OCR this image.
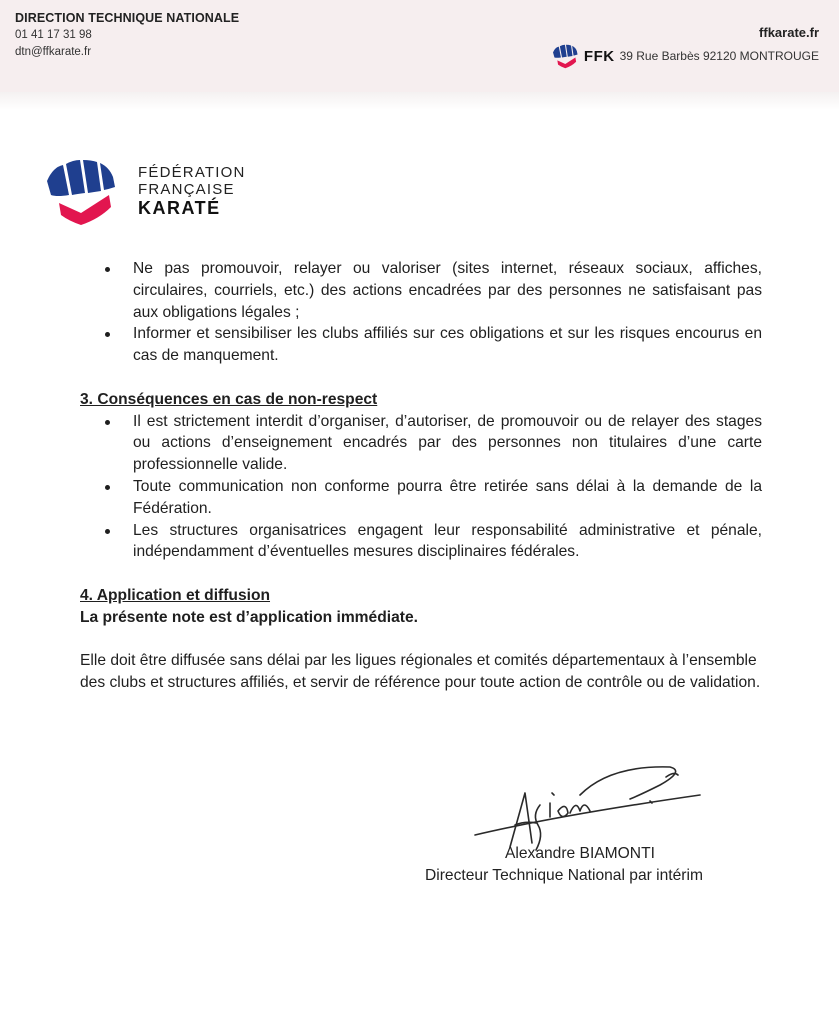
DIRECTION TECHNIQUE NATIONALE
01 41 17 31 98
dtn@ffkarate.fr
ffkarate.fr
FFK 39 Rue Barbès 92120 MONTROUGE
FÉDÉRATION
FRANÇAISE
KARATÉ
Ne pas promouvoir, relayer ou valoriser (sites internet, réseaux sociaux, affiches, circulaires, courriels, etc.) des actions encadrées par des personnes ne satisfaisant pas aux obligations légales ;
Informer et sensibiliser les clubs affiliés sur ces obligations et sur les risques encourus en cas de manquement.
3. Conséquences en cas de non-respect
Il est strictement interdit d’organiser, d’autoriser, de promouvoir ou de relayer des stages ou actions d’enseignement encadrés par des personnes non titulaires d’une carte professionnelle valide.
Toute communication non conforme pourra être retirée sans délai à la demande de la Fédération.
Les structures organisatrices engagent leur responsabilité administrative et pénale, indépendamment d’éventuelles mesures disciplinaires fédérales.
4. Application et diffusion
La présente note est d’application immédiate.
Elle doit être diffusée sans délai par les ligues régionales et comités départementaux à l’ensemble des clubs et structures affiliés, et servir de référence pour toute action de contrôle ou de validation.
Alexandre BIAMONTI
Directeur Technique National par intérim
